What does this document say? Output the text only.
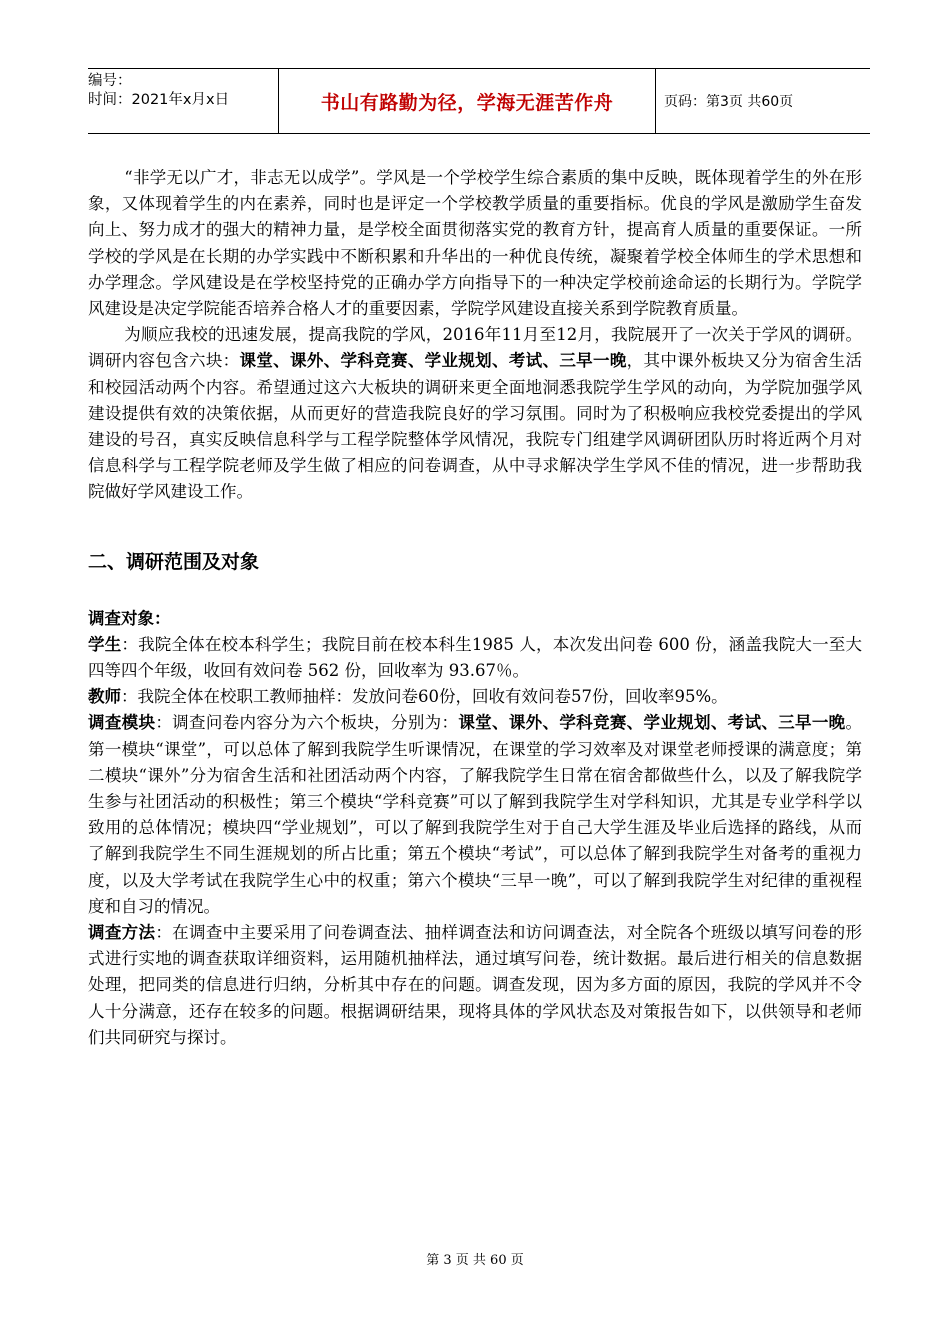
编号：
时间：2021年x月x日	书山有路勤为径，学海无涯苦作舟	页码：第3页 共60页

“非学无以广才，非志无以成学”。学风是一个学校学生综合素质的集中反映，既体现着学生的外在形象，又体现着学生的内在素养，同时也是评定一个学校教学质量的重要指标。优良的学风是激励学生奋发向上、努力成才的强大的精神力量，是学校全面贯彻落实党的教育方针，提高育人质量的重要保证。一所学校的学风是在长期的办学实践中不断积累和升华出的一种优良传统，凝聚着学校全体师生的学术思想和办学理念。学风建设是在学校坚持党的正确办学方向指导下的一种决定学校前途命运的长期行为。学院学风建设是决定学院能否培养合格人才的重要因素，学院学风建设直接关系到学院教育质量。

为顺应我校的迅速发展，提高我院的学风，2016年11月至12月，我院展开了一次关于学风的调研。调研内容包含六块：课堂、课外、学科竞赛、学业规划、考试、三早一晚，其中课外板块又分为宿舍生活和校园活动两个内容。希望通过这六大板块的调研来更全面地洞悉我院学生学风的动向，为学院加强学风建设提供有效的决策依据，从而更好的营造我院良好的学习氛围。同时为了积极响应我校党委提出的学风建设的号召，真实反映信息科学与工程学院整体学风情况，我院专门组建学风调研团队历时将近两个月对信息科学与工程学院老师及学生做了相应的问卷调查，从中寻求解决学生学风不佳的情况，进一步帮助我院做好学风建设工作。

二、调研范围及对象

调查对象：

学生：我院全体在校本科学生；我院目前在校本科生1985 人，本次发出问卷 600 份，涵盖我院大一至大四等四个年级，收回有效问卷 562 份，回收率为 93.67％。

教师：我院全体在校职工教师抽样：发放问卷60份，回收有效问卷57份，回收率95%。

调查模块：调查问卷内容分为六个板块，分别为：课堂、课外、学科竞赛、学业规划、考试、三早一晚。第一模块“课堂”，可以总体了解到我院学生听课情况，在课堂的学习效率及对课堂老师授课的满意度；第二模块“课外”分为宿舍生活和社团活动两个内容，了解我院学生日常在宿舍都做些什么，以及了解我院学生参与社团活动的积极性；第三个模块“学科竞赛”可以了解到我院学生对学科知识，尤其是专业学科学以致用的总体情况；模块四“学业规划”，可以了解到我院学生对于自己大学生涯及毕业后选择的路线，从而了解到我院学生不同生涯规划的所占比重；第五个模块“考试”，可以总体了解到我院学生对备考的重视力度，以及大学考试在我院学生心中的权重；第六个模块“三早一晚”，可以了解到我院学生对纪律的重视程度和自习的情况。

调查方法：在调查中主要采用了问卷调查法、抽样调查法和访问调查法，对全院各个班级以填写问卷的形式进行实地的调查获取详细资料，运用随机抽样法，通过填写问卷，统计数据。最后进行相关的信息数据处理，把同类的信息进行归纳，分析其中存在的问题。调查发现，因为多方面的原因，我院的学风并不令人十分满意，还存在较多的问题。根据调研结果，现将具体的学风状态及对策报告如下，以供领导和老师们共同研究与探讨。

第 3 页 共 60 页
